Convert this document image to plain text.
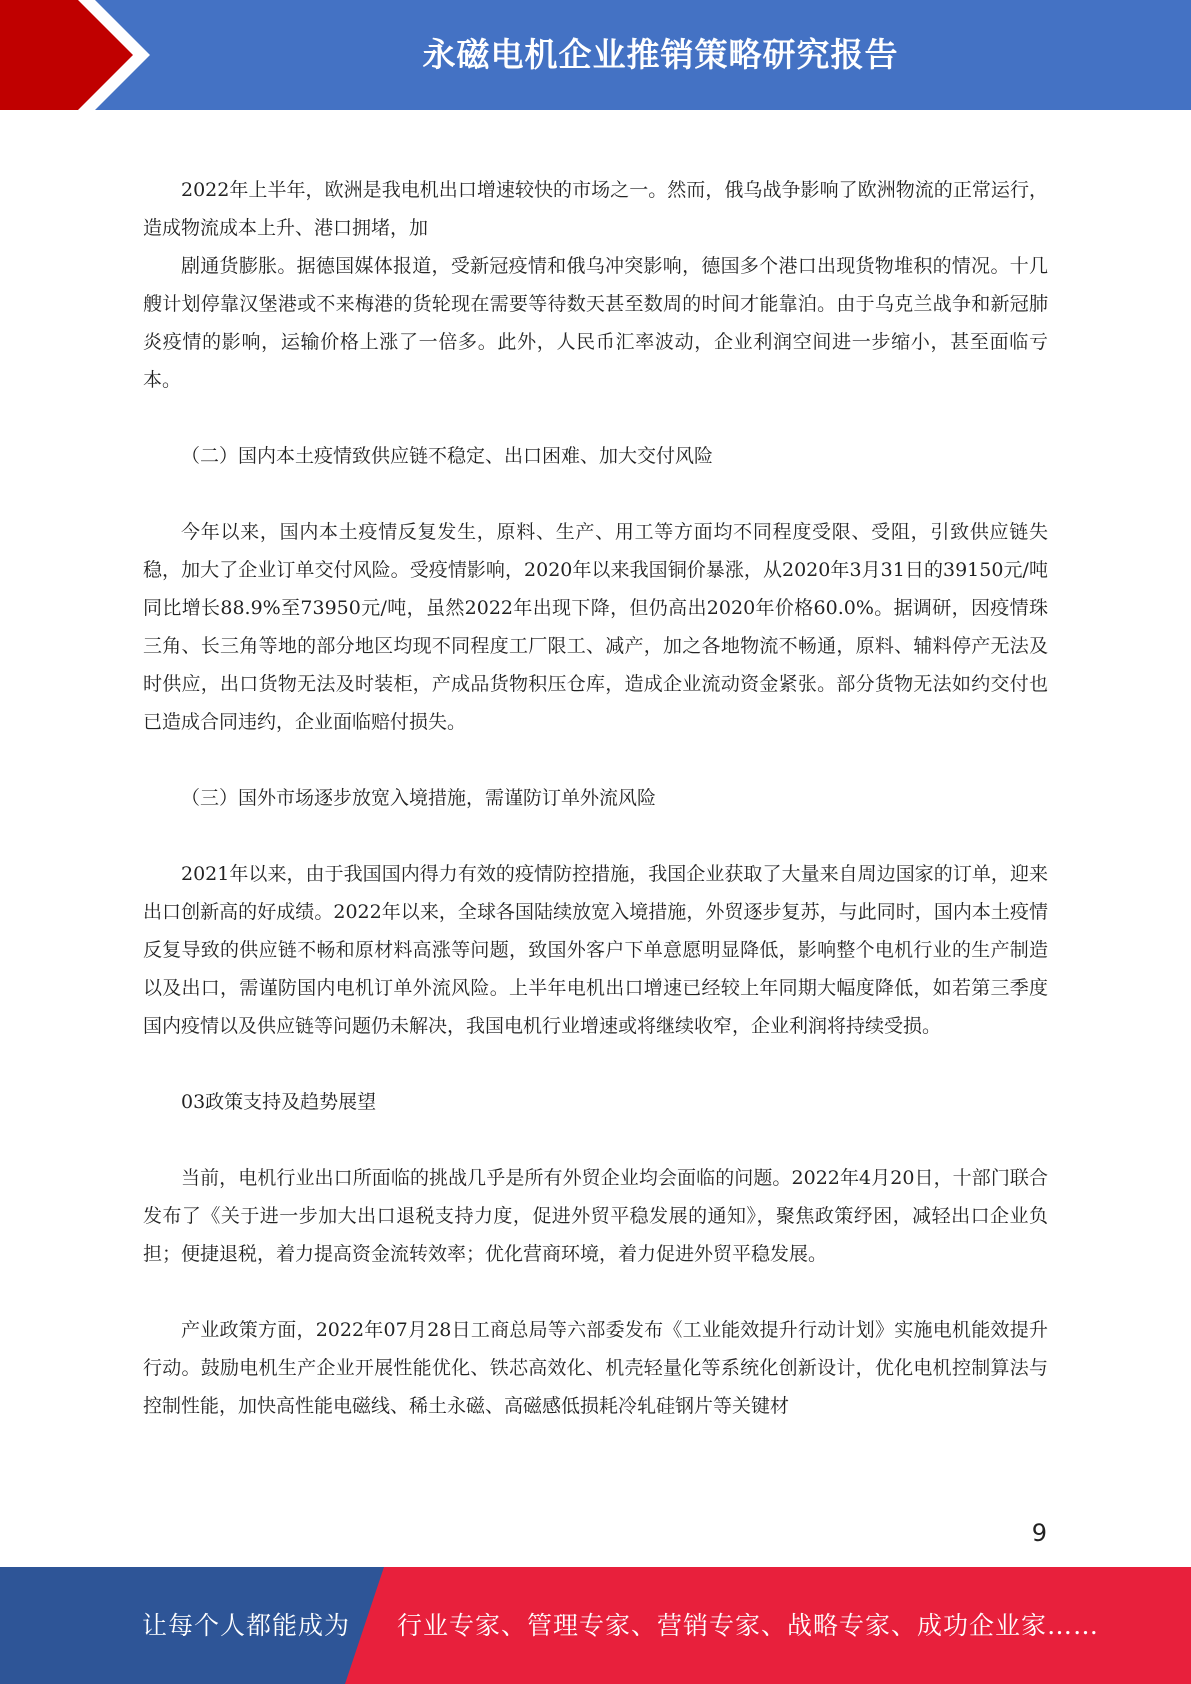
永磁电机企业推销策略研究报告

2022年上半年，欧洲是我电机出口增速较快的市场之一。然而，俄乌战争影响了欧洲物流的正常运行，造成物流成本上升、港口拥堵，加

剧通货膨胀。据德国媒体报道，受新冠疫情和俄乌冲突影响，德国多个港口出现货物堆积的情况。十几艘计划停靠汉堡港或不来梅港的货轮现在需要等待数天甚至数周的时间才能靠泊。由于乌克兰战争和新冠肺炎疫情的影响，运输价格上涨了一倍多。此外，人民币汇率波动，企业利润空间进一步缩小，甚至面临亏本。

（二）国内本土疫情致供应链不稳定、出口困难、加大交付风险

今年以来，国内本土疫情反复发生，原料、生产、用工等方面均不同程度受限、受阻，引致供应链失稳，加大了企业订单交付风险。受疫情影响，2020年以来我国铜价暴涨，从2020年3月31日的39150元/吨同比增长88.9%至73950元/吨，虽然2022年出现下降，但仍高出2020年价格60.0%。据调研，因疫情珠三角、长三角等地的部分地区均现不同程度工厂限工、减产，加之各地物流不畅通，原料、辅料停产无法及时供应，出口货物无法及时装柜，产成品货物积压仓库，造成企业流动资金紧张。部分货物无法如约交付也已造成合同违约，企业面临赔付损失。

（三）国外市场逐步放宽入境措施，需谨防订单外流风险

2021年以来，由于我国国内得力有效的疫情防控措施，我国企业获取了大量来自周边国家的订单，迎来出口创新高的好成绩。2022年以来，全球各国陆续放宽入境措施，外贸逐步复苏，与此同时，国内本土疫情反复导致的供应链不畅和原材料高涨等问题，致国外客户下单意愿明显降低，影响整个电机行业的生产制造以及出口，需谨防国内电机订单外流风险。上半年电机出口增速已经较上年同期大幅度降低，如若第三季度国内疫情以及供应链等问题仍未解决，我国电机行业增速或将继续收窄，企业利润将持续受损。

03政策支持及趋势展望

当前，电机行业出口所面临的挑战几乎是所有外贸企业均会面临的问题。2022年4月20日，十部门联合发布了《关于进一步加大出口退税支持力度，促进外贸平稳发展的通知》，聚焦政策纾困，减轻出口企业负担；便捷退税，着力提高资金流转效率；优化营商环境，着力促进外贸平稳发展。

产业政策方面，2022年07月28日工商总局等六部委发布《工业能效提升行动计划》实施电机能效提升行动。鼓励电机生产企业开展性能优化、铁芯高效化、机壳轻量化等系统化创新设计，优化电机控制算法与控制性能，加快高性能电磁线、稀土永磁、高磁感低损耗冷轧硅钢片等关键材

9
让每个人都能成为 行业专家、管理专家、营销专家、战略专家、成功企业家……
